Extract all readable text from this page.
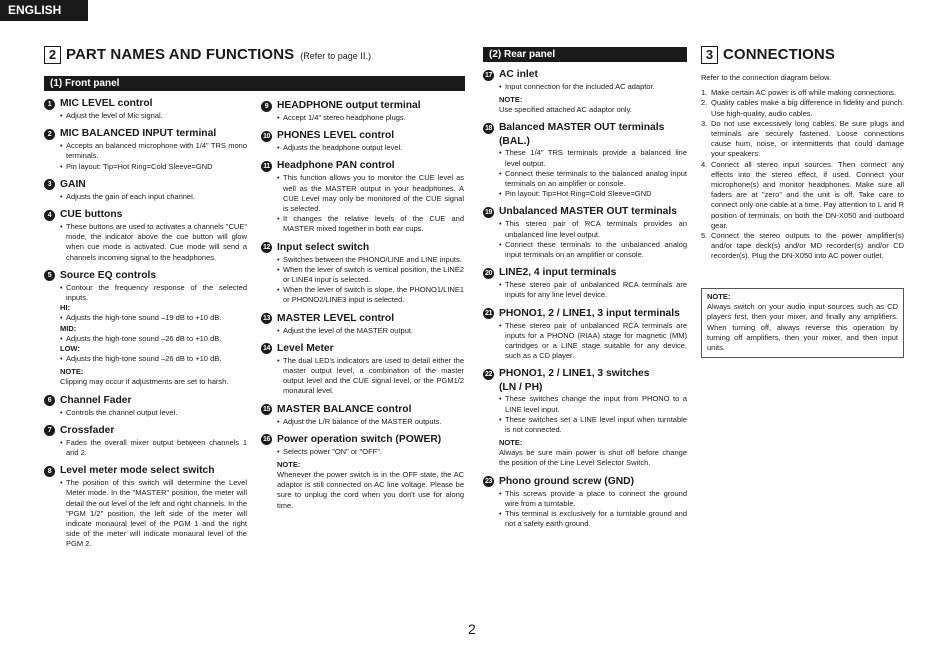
ENGLISH
2 PART NAMES AND FUNCTIONS (Refer to page ⅠⅠ.)
(1) Front panel
1 MIC LEVEL control
• Adjust the level of Mic signal.
2 MIC BALANCED INPUT terminal
• Accepts an balanced microphone with 1/4" TRS mono terminals.
• Pin layout: Tip=Hot Ring=Cold Sleeve=GND
3 GAIN
• Adjusts the gain of each input channel.
4 CUE buttons
• These buttons are used to activates a channels "CUE" mode, the indicator above the cue button will glow when cue mode is activated. Cue mode will send a channels incoming signal to the headphones.
5 Source EQ controls
• Contour the frequency response of the selected inputs.
HI:
• Adjusts the high-tone sound –19 dB to +10 dB.
MID:
• Adjusts the high-tone sound –26 dB to +10 dB.
LOW:
• Adjusts the high-tone sound –26 dB to +10 dB.
NOTE:
Clipping may occur if adjustments are set to harsh.
6 Channel Fader
• Controls the channel output level.
7 Crossfader
• Fades the overall mixer output between channels 1 and 2.
8 Level meter mode select switch
• The position of this switch will determine the Level Meter mode. In the "MASTER" position, the meter will detail the out level of the left and right channels. In the "PGM 1/2" position, the left side of the meter will indicate monaural level of the PGM 1 and the right side of the meter will indicate monaural level of the PGM 2.
9 HEADPHONE output terminal
• Accept 1/4" stereo headphone plugs.
10 PHONES LEVEL control
• Adjusts the headphone output level.
11 Headphone PAN control
• This function allows you to monitor the CUE level as well as the MASTER output in your headphones. A CUE Level may only be monitored of the CUE signal is selected.
• It changes the relative levels of the CUE and MASTER mixed together in both ear cups.
12 Input select switch
• Switches between the PHONO/LINE and LINE inputs.
• When the lever of switch is vertical position, the LINE2 or LINE4 input is selected.
• When the lever of switch is slope, the PHONO1/LINE1 or PHONO2/LINE3 input is selected.
13 MASTER LEVEL control
• Adjust the level of the MASTER output.
14 Level Meter
• The dual LED's indicators are used to detail either the master output level, a combination of the master output level and the CUE signal level, or the PGM1/2 monaural level.
15 MASTER BALANCE control
• Adjust the L/R balance of the MASTER outputs.
16 Power operation switch (POWER)
• Selects power "ON" or "OFF".
NOTE:
Whenever the power switch is in the OFF state, the AC adaptor is still connected on AC line voltage. Please be sure to unplug the cord when you don't use for along time.
(2) Rear panel
17 AC inlet
• Input connection for the included AC adaptor.
NOTE:
Use specified attached AC adaptor only.
18 Balanced MASTER OUT terminals
(BAL.)
• These 1/4" TRS terminals provide a balanced line level output.
• Connect these terminals to the balanced analog input terminals on an amplifier or console.
• Pin layout: Tip=Hot Ring=Cold Sleeve=GND
19 Unbalanced MASTER OUT terminals
• This stereo pair of RCA terminals provides an unbalanced line level output.
• Connect these terminals to the unbalanced analog input terminals on an amplifier or console.
20 LINE2, 4 input terminals
• These stereo pair of unbalanced RCA terminals are inputs for any line level device.
21 PHONO1, 2 / LINE1, 3 input terminals
• These stereo pair of unbalanced RCA terminals are inputs for a PHONO (RIAA) stage for magnetic (MM) cartridges or a LINE stage suitable for any device, such as a CD player.
22 PHONO1, 2 / LINE1, 3 switches
(LN / PH)
• These switches change the input from PHONO to a LINE level input.
• These switches set a LINE level input when turntable is not connected.
NOTE:
Always be sure main power is shut off before change the position of the Line Level Selector Switch.
23 Phono ground screw (GND)
• This screws provide a place to connect the ground wire from a turntable.
• This terminal is exclusively for a turntable ground and not a safety earth ground.
3 CONNECTIONS
Refer to the connection diagram below.
1. Make certain AC power is off while making connections.
2. Quality cables make a big difference in fidelity and punch. Use high-quality, audio cables.
3. Do not use excessively long cables. Be sure plugs and terminals are securely fastened. Loose connections cause hum, noise, or intermittents that could damage your speakers.
4. Connect all stereo input sources. Then connect any effects into the stereo effect, if used. Connect your microphone(s) and monitor headphones. Make sure all faders are at "zero" and the unit is off. Take care to connect only one cable at a time. Pay attention to L and R position of terminals, on both the DN-X050 and outboard gear.
5. Connect the stereo outputs to the power amplifier(s) and/or tape deck(s) and/or MD recorder(s) and/or CD recorder(s). Plug the DN-X050 into AC power outlet.
NOTE:
Always switch on your audio input sources such as CD players first, then your mixer, and finally any amplifiers. When turning off, always reverse this operation by turning off amplifiers, then your mixer, and then input units.
2
